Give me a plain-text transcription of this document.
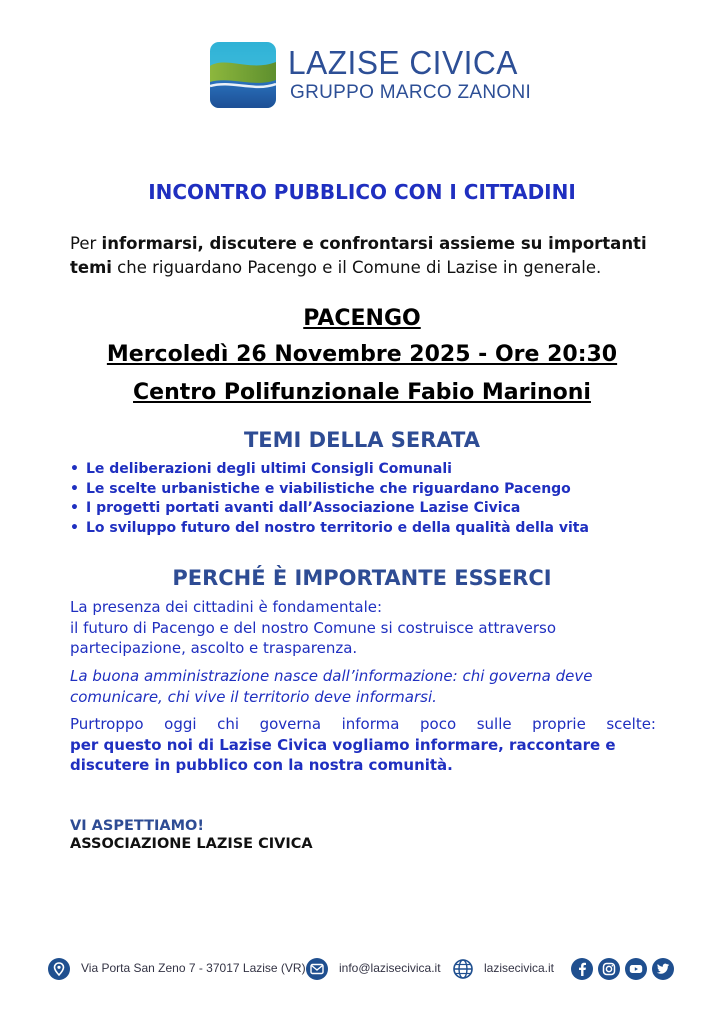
LAZISE CIVICA
GRUPPO MARCO ZANONI
INCONTRO PUBBLICO CON I CITTADINI
Per informarsi, discutere e confrontarsi assieme su importanti temi che riguardano Pacengo e il Comune di Lazise in generale.
PACENGO
Mercoledì 26 Novembre 2025 - Ore 20:30
Centro Polifunzionale Fabio Marinoni
TEMI DELLA SERATA
• Le deliberazioni degli ultimi Consigli Comunali
• Le scelte urbanistiche e viabilistiche che riguardano Pacengo
• I progetti portati avanti dall’Associazione Lazise Civica
• Lo sviluppo futuro del nostro territorio e della qualità della vita
PERCHÉ È IMPORTANTE ESSERCI
La presenza dei cittadini è fondamentale:
il futuro di Pacengo e del nostro Comune si costruisce attraverso partecipazione, ascolto e trasparenza.
La buona amministrazione nasce dall’informazione: chi governa deve comunicare, chi vive il territorio deve informarsi.
Purtroppo oggi chi governa informa poco sulle proprie scelte:
per questo noi di Lazise Civica vogliamo informare, raccontare e discutere in pubblico con la nostra comunità.
VI ASPETTIAMO!
ASSOCIAZIONE LAZISE CIVICA
Via Porta San Zeno 7 - 37017 Lazise (VR)	info@lazisecivica.it	lazisecivica.it
